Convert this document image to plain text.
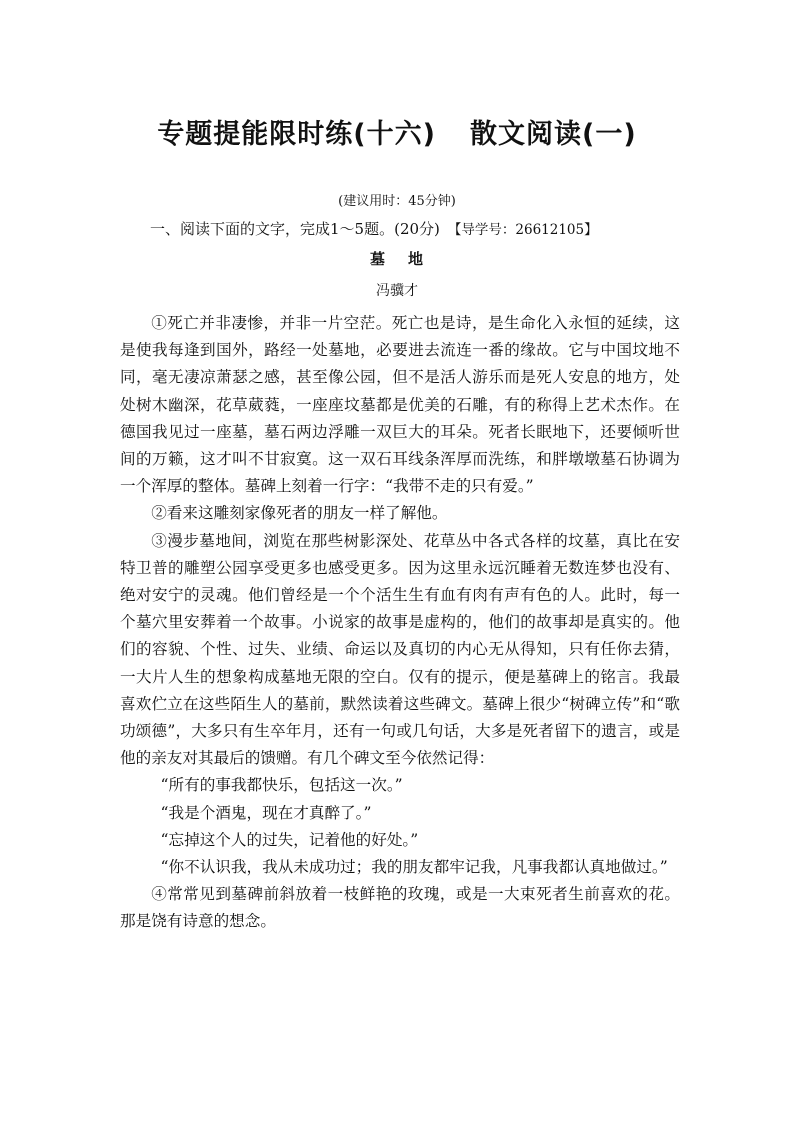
专题提能限时练(十六) 散文阅读(一)
(建议用时：45分钟)
一、阅读下面的文字，完成1～5题。(20分) 【导学号：26612105】
墓 地
冯骥才

①死亡并非凄惨，并非一片空茫。死亡也是诗，是生命化入永恒的延续，这是使我每逢到国外，路经一处墓地，必要进去流连一番的缘故。它与中国坟地不同，毫无凄凉萧瑟之感，甚至像公园，但不是活人游乐而是死人安息的地方，处处树木幽深，花草葳蕤，一座座坟墓都是优美的石雕，有的称得上艺术杰作。在德国我见过一座墓，墓石两边浮雕一双巨大的耳朵。死者长眠地下，还要倾听世间的万籁，这才叫不甘寂寞。这一双石耳线条浑厚而洗练，和胖墩墩墓石协调为一个浑厚的整体。墓碑上刻着一行字：“我带不走的只有爱。”

②看来这雕刻家像死者的朋友一样了解他。

③漫步墓地间，浏览在那些树影深处、花草丛中各式各样的坟墓，真比在安特卫普的雕塑公园享受更多也感受更多。因为这里永远沉睡着无数连梦也没有、绝对安宁的灵魂。他们曾经是一个个活生生有血有肉有声有色的人。此时，每一个墓穴里安葬着一个故事。小说家的故事是虚构的，他们的故事却是真实的。他们的容貌、个性、过失、业绩、命运以及真切的内心无从得知，只有任你去猜，一大片人生的想象构成墓地无限的空白。仅有的提示，便是墓碑上的铭言。我最喜欢伫立在这些陌生人的墓前，默然读着这些碑文。墓碑上很少“树碑立传”和“歌功颂德”，大多只有生卒年月，还有一句或几句话，大多是死者留下的遗言，或是他的亲友对其最后的馈赠。有几个碑文至今依然记得：

“所有的事我都快乐，包括这一次。”

“我是个酒鬼，现在才真醉了。”

“忘掉这个人的过失，记着他的好处。”

“你不认识我，我从未成功过；我的朋友都牢记我，凡事我都认真地做过。”

④常常见到墓碑前斜放着一枝鲜艳的玫瑰，或是一大束死者生前喜欢的花。那是饶有诗意的想念。
